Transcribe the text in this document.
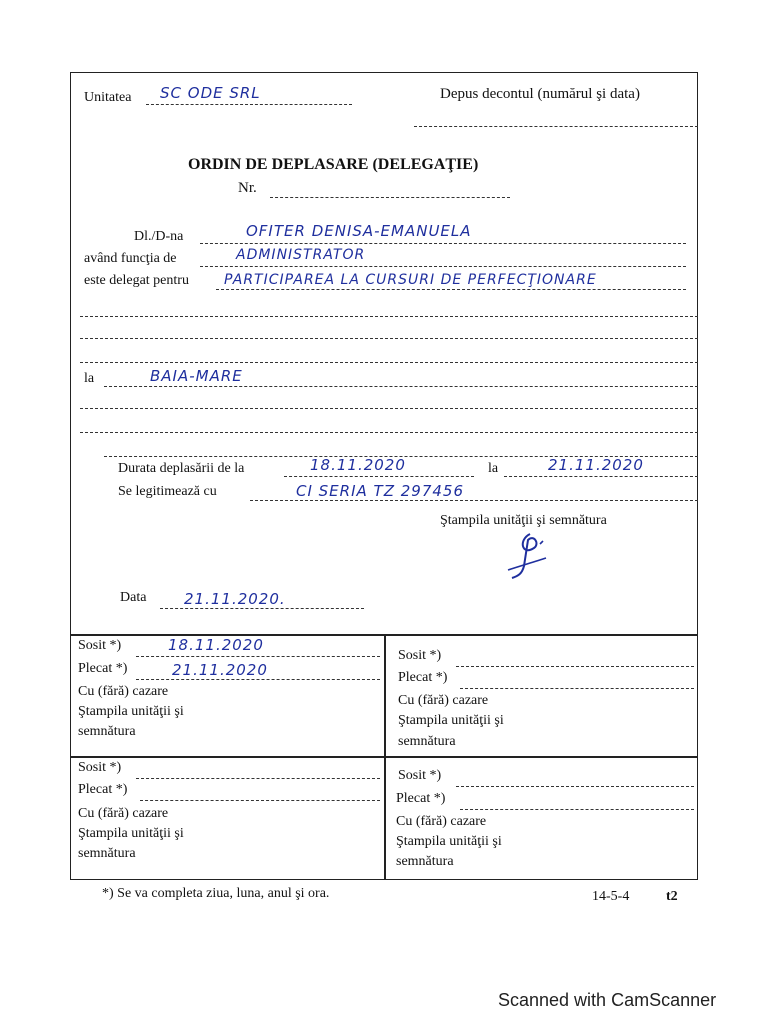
Unitatea SC ODE SRL	Depus decontul (numărul şi data)
ORDIN DE DEPLASARE (DELEGAŢIE)
Nr.
Dl./D-na	OFITER DENISA-EMANUELA
având funcţia de	ADMINISTRATOR
este delegat pentru	PARTICIPAREA LA CURSURI DE PERFECŢIONARE
la	BAIA-MARE
Durata deplasării de la	18.11.2020	la	21.11.2020
Se legitimează cu	CI SERIA TZ 297456
Ştampila unităţii şi semnătura
Data	21.11.2020.
Sosit *)	18.11.2020
Plecat *)	21.11.2020
Cu (fără) cazare
Ştampila unităţii şi
semnătura
Sosit *)
Plecat *)
Cu (fără) cazare
Ştampila unităţii şi
semnătura
Sosit *)
Plecat *)
Cu (fără) cazare
Ştampila unităţii şi
semnătura
Sosit *)
Plecat *)
Cu (fără) cazare
Ştampila unităţii şi
semnătura
*) Se va completa ziua, luna, anul şi ora.	14-5-4	t2
Scanned with CamScanner
